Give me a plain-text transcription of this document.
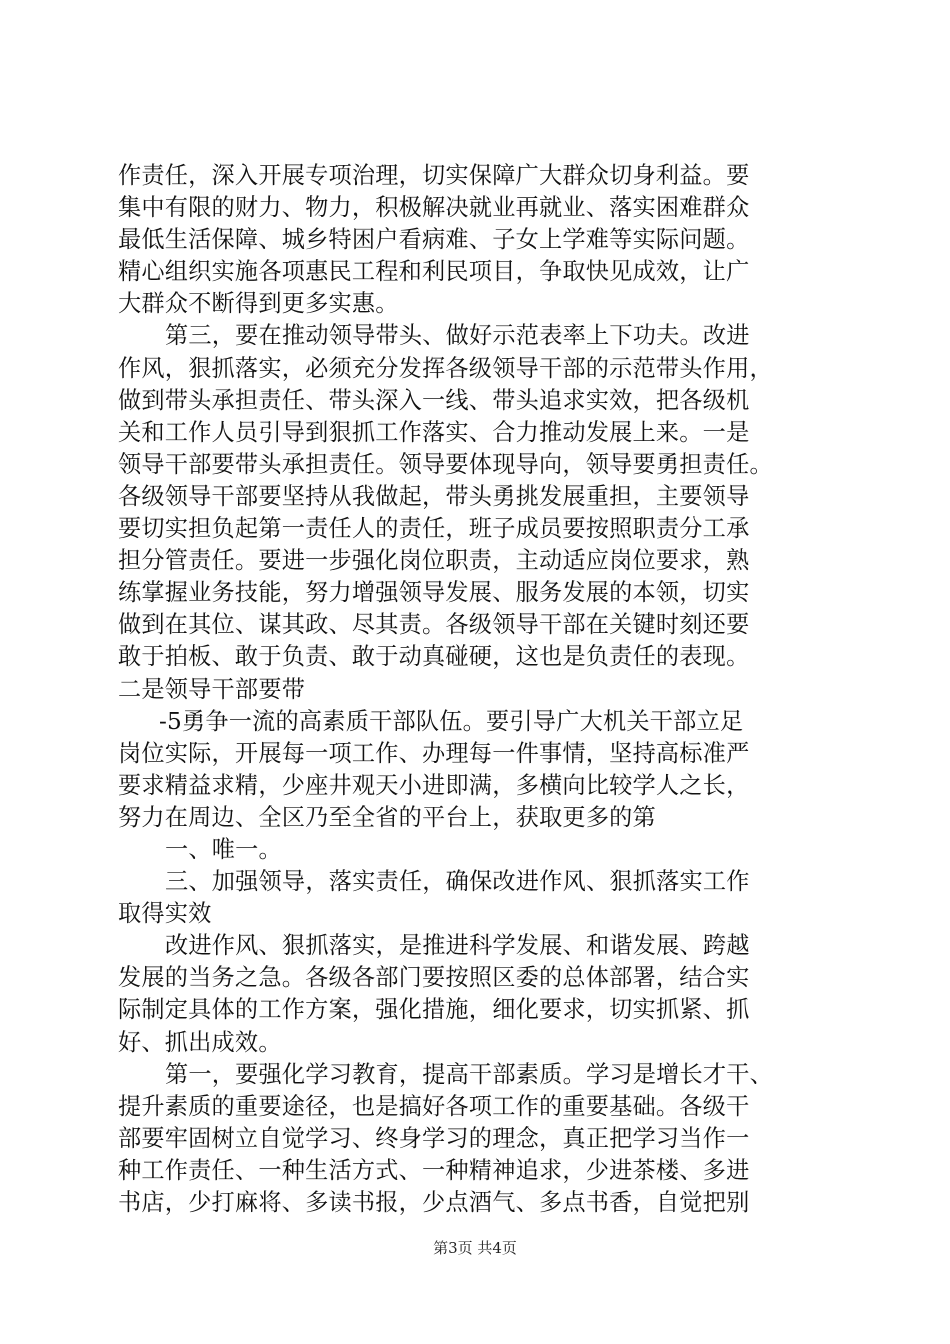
作责任，深入开展专项治理，切实保障广大群众切身利益。要
集中有限的财力、物力，积极解决就业再就业、落实困难群众
最低生活保障、城乡特困户看病难、子女上学难等实际问题。
精心组织实施各项惠民工程和利民项目，争取快见成效，让广
大群众不断得到更多实惠。
第三，要在推动领导带头、做好示范表率上下功夫。改进
作风，狠抓落实，必须充分发挥各级领导干部的示范带头作用，
做到带头承担责任、带头深入一线、带头追求实效，把各级机
关和工作人员引导到狠抓工作落实、合力推动发展上来。一是
领导干部要带头承担责任。领导要体现导向，领导要勇担责任。
各级领导干部要坚持从我做起，带头勇挑发展重担，主要领导
要切实担负起第一责任人的责任，班子成员要按照职责分工承
担分管责任。要进一步强化岗位职责，主动适应岗位要求，熟
练掌握业务技能，努力增强领导发展、服务发展的本领，切实
做到在其位、谋其政、尽其责。各级领导干部在关键时刻还要
敢于拍板、敢于负责、敢于动真碰硬，这也是负责任的表现。
二是领导干部要带
-5勇争一流的高素质干部队伍。要引导广大机关干部立足
岗位实际，开展每一项工作、办理每一件事情，坚持高标准严
要求精益求精，少座井观天小进即满，多横向比较学人之长，
努力在周边、全区乃至全省的平台上，获取更多的第
一、唯一。
三、加强领导，落实责任，确保改进作风、狠抓落实工作
取得实效
改进作风、狠抓落实，是推进科学发展、和谐发展、跨越
发展的当务之急。各级各部门要按照区委的总体部署，结合实
际制定具体的工作方案，强化措施，细化要求，切实抓紧、抓
好、抓出成效。
第一，要强化学习教育，提高干部素质。学习是增长才干、
提升素质的重要途径，也是搞好各项工作的重要基础。各级干
部要牢固树立自觉学习、终身学习的理念，真正把学习当作一
种工作责任、一种生活方式、一种精神追求，少进茶楼、多进
书店，少打麻将、多读书报，少点酒气、多点书香，自觉把别
第3页 共4页
